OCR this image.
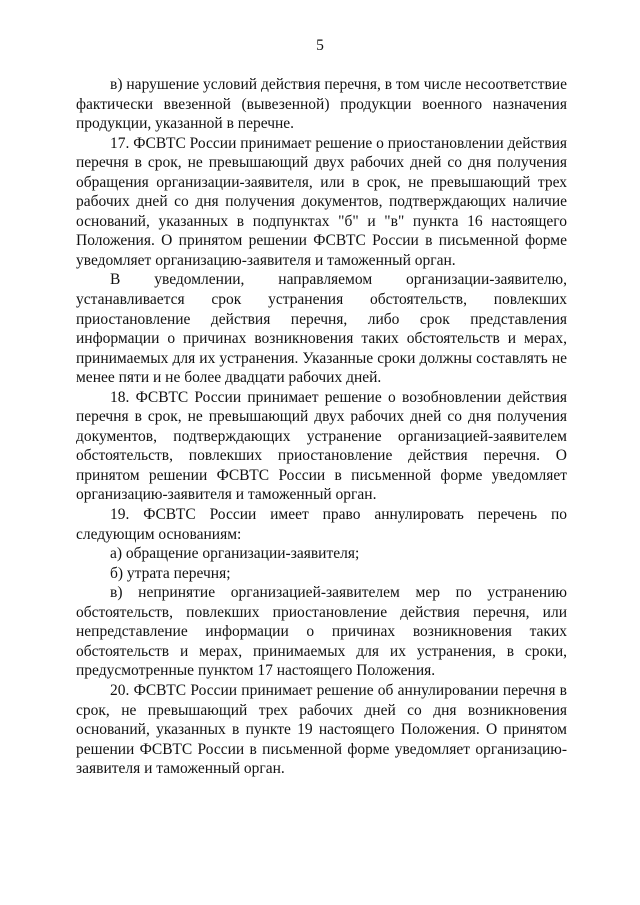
5

в) нарушение условий действия перечня, в том числе несоответствие фактически ввезенной (вывезенной) продукции военного назначения продукции, указанной в перечне.

17. ФСВТС России принимает решение о приостановлении действия перечня в срок, не превышающий двух рабочих дней со дня получения обращения организации-заявителя, или в срок, не превышающий трех рабочих дней со дня получения документов, подтверждающих наличие оснований, указанных в подпунктах "б" и "в" пункта 16 настоящего Положения. О принятом решении ФСВТС России в письменной форме уведомляет организацию-заявителя и таможенный орган.

В уведомлении, направляемом организации-заявителю, устанавливается срок устранения обстоятельств, повлекших приостановление действия перечня, либо срок представления информации о причинах возникновения таких обстоятельств и мерах, принимаемых для их устранения. Указанные сроки должны составлять не менее пяти и не более двадцати рабочих дней.

18. ФСВТС России принимает решение о возобновлении действия перечня в срок, не превышающий двух рабочих дней со дня получения документов, подтверждающих устранение организацией-заявителем обстоятельств, повлекших приостановление действия перечня. О принятом решении ФСВТС России в письменной форме уведомляет организацию-заявителя и таможенный орган.

19. ФСВТС России имеет право аннулировать перечень по следующим основаниям:

а) обращение организации-заявителя;

б) утрата перечня;

в) непринятие организацией-заявителем мер по устранению обстоятельств, повлекших приостановление действия перечня, или непредставление информации о причинах возникновения таких обстоятельств и мерах, принимаемых для их устранения, в сроки, предусмотренные пунктом 17 настоящего Положения.

20. ФСВТС России принимает решение об аннулировании перечня в срок, не превышающий трех рабочих дней со дня возникновения оснований, указанных в пункте 19 настоящего Положения. О принятом решении ФСВТС России в письменной форме уведомляет организацию-заявителя и таможенный орган.
